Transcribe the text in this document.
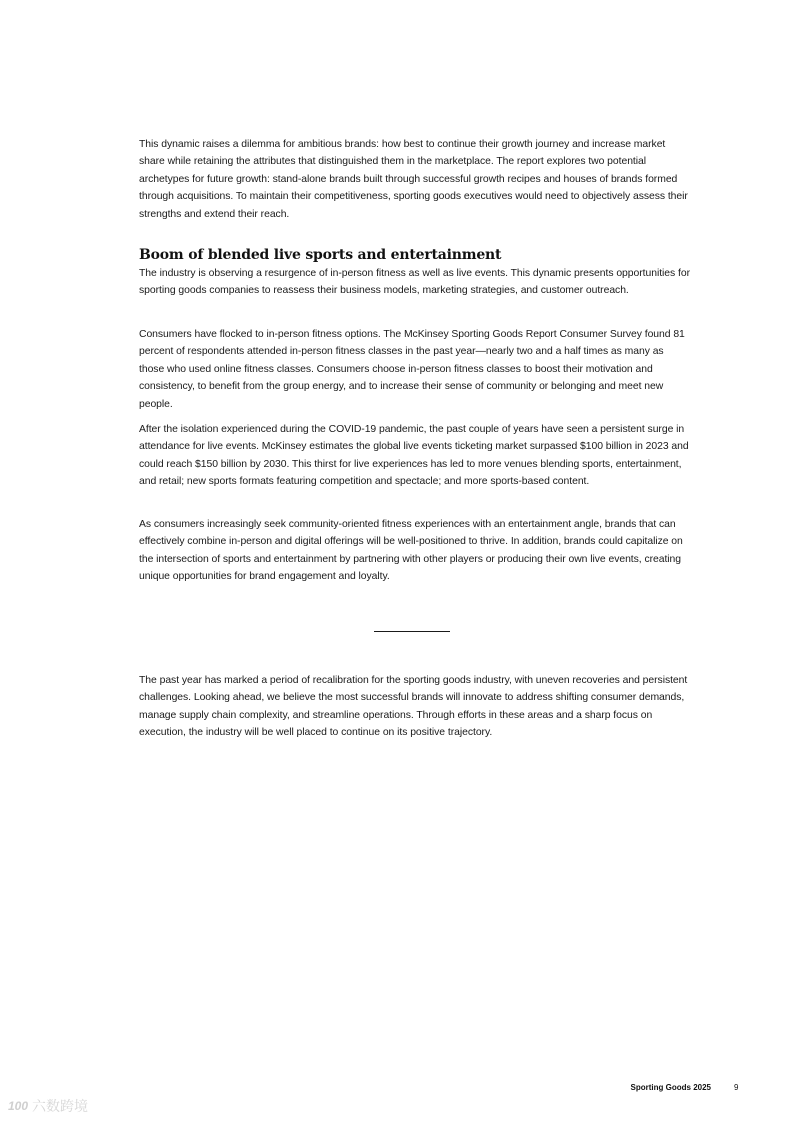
This dynamic raises a dilemma for ambitious brands: how best to continue their growth journey and increase market share while retaining the attributes that distinguished them in the marketplace. The report explores two potential archetypes for future growth: stand-alone brands built through successful growth recipes and houses of brands formed through acquisitions. To maintain their competitiveness, sporting goods executives would need to objectively assess their strengths and extend their reach.

Boom of blended live sports and entertainment

The industry is observing a resurgence of in-person fitness as well as live events. This dynamic presents opportunities for sporting goods companies to reassess their business models, marketing strategies, and customer outreach.

Consumers have flocked to in-person fitness options. The McKinsey Sporting Goods Report Consumer Survey found 81 percent of respondents attended in-person fitness classes in the past year—nearly two and a half times as many as those who used online fitness classes. Consumers choose in-person fitness classes to boost their motivation and consistency, to benefit from the group energy, and to increase their sense of community or belonging and meet new people.

After the isolation experienced during the COVID-19 pandemic, the past couple of years have seen a persistent surge in attendance for live events. McKinsey estimates the global live events ticketing market surpassed $100 billion in 2023 and could reach $150 billion by 2030. This thirst for live experiences has led to more venues blending sports, entertainment, and retail; new sports formats featuring competition and spectacle; and more sports-based content.

As consumers increasingly seek community-oriented fitness experiences with an entertainment angle, brands that can effectively combine in-person and digital offerings will be well-positioned to thrive. In addition, brands could capitalize on the intersection of sports and entertainment by partnering with other players or producing their own live events, creating unique opportunities for brand engagement and loyalty.

The past year has marked a period of recalibration for the sporting goods industry, with uneven recoveries and persistent challenges. Looking ahead, we believe the most successful brands will innovate to address shifting consumer demands, manage supply chain complexity, and streamline operations. Through efforts in these areas and a sharp focus on execution, the industry will be well placed to continue on its positive trajectory.

Sporting Goods 2025	9
100 六数跨境
